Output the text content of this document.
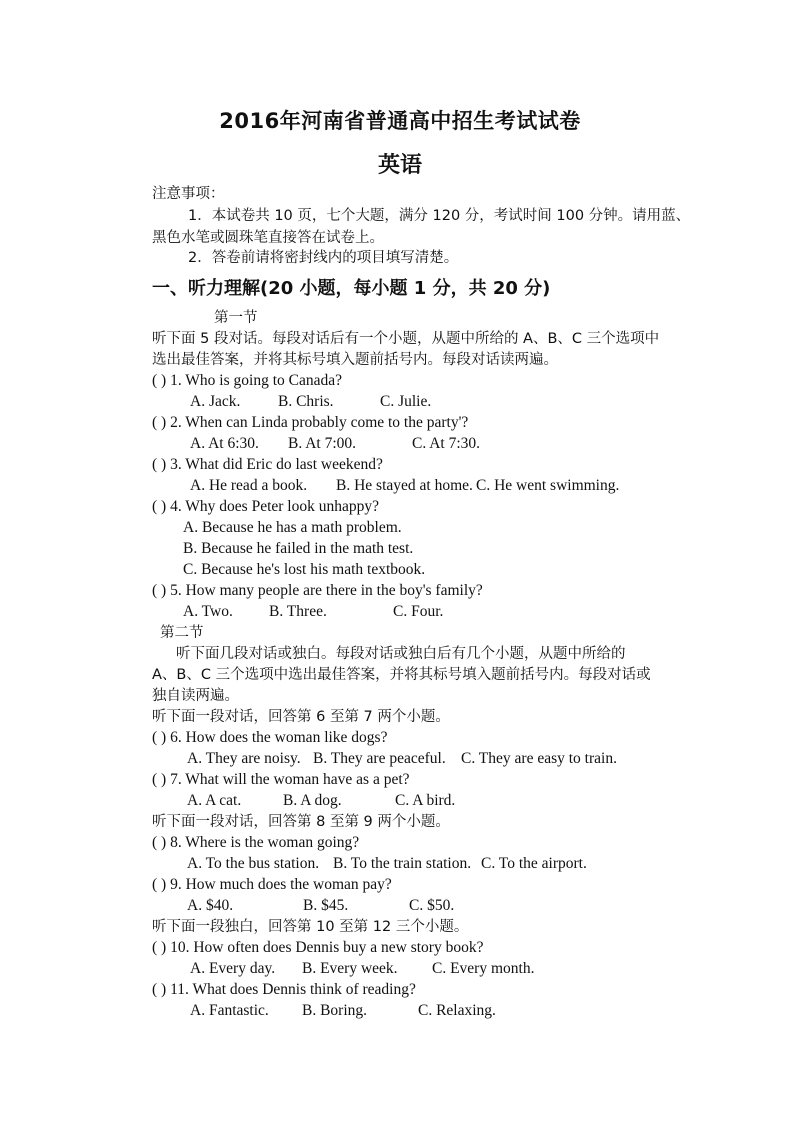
2016年河南省普通高中招生考试试卷
英语
注意事项：
1．本试卷共 10 页，七个大题，满分 120 分，考试时间 100 分钟。请用蓝、
黑色水笔或圆珠笔直接答在试卷上。
2．答卷前请将密封线内的项目填写清楚。
一、听力理解(20 小题，每小题 1 分，共 20 分)
第一节
听下面 5 段对话。每段对话后有一个小题，从题中所给的 A、B、C 三个选项中
选出最佳答案，并将其标号填入题前括号内。每段对话读两遍。
( ) 1. Who is going to Canada?
A. Jack. B. Chris.	C. Julie.
( ) 2. When can Linda probably come to the party'?
A. At 6:30. B. At 7:00.	C. At 7:30.
( ) 3. What did Eric do last weekend?
A. He read a book. B. He stayed at home. C. He went swimming.
( ) 4. Why does Peter look unhappy?
A. Because he has a math problem.
B. Because he failed in the math test.
C. Because he's lost his math textbook.
( ) 5. How many people are there in the boy's family?
A. Two. B. Three.	C. Four.
第二节
听下面几段对话或独白。每段对话或独白后有几个小题，从题中所给的
A、B、C 三个选项中选出最佳答案，并将其标号填入题前括号内。每段对话或
独自读两遍。
听下面一段对话，回答第 6 至第 7 两个小题。
( ) 6. How does the woman like dogs?
A. They are noisy. B. They are peaceful. C. They are easy to train.
( ) 7. What will the woman have as a pet?
A. A cat.	B. A dog.	C. A bird.
听下面一段对话，回答第 8 至第 9 两个小题。
( ) 8. Where is the woman going?
A. To the bus station. B. To the train station. C. To the airport.
( ) 9. How much does the woman pay?
A. $40.	B. $45.	C. $50.
听下面一段独白，回答第 10 至第 12 三个小题。
( ) 10. How often does Dennis buy a new story book?
A. Every day. B. Every week. C. Every month.
( ) 11. What does Dennis think of reading?
A. Fantastic. B. Boring.	C. Relaxing.
